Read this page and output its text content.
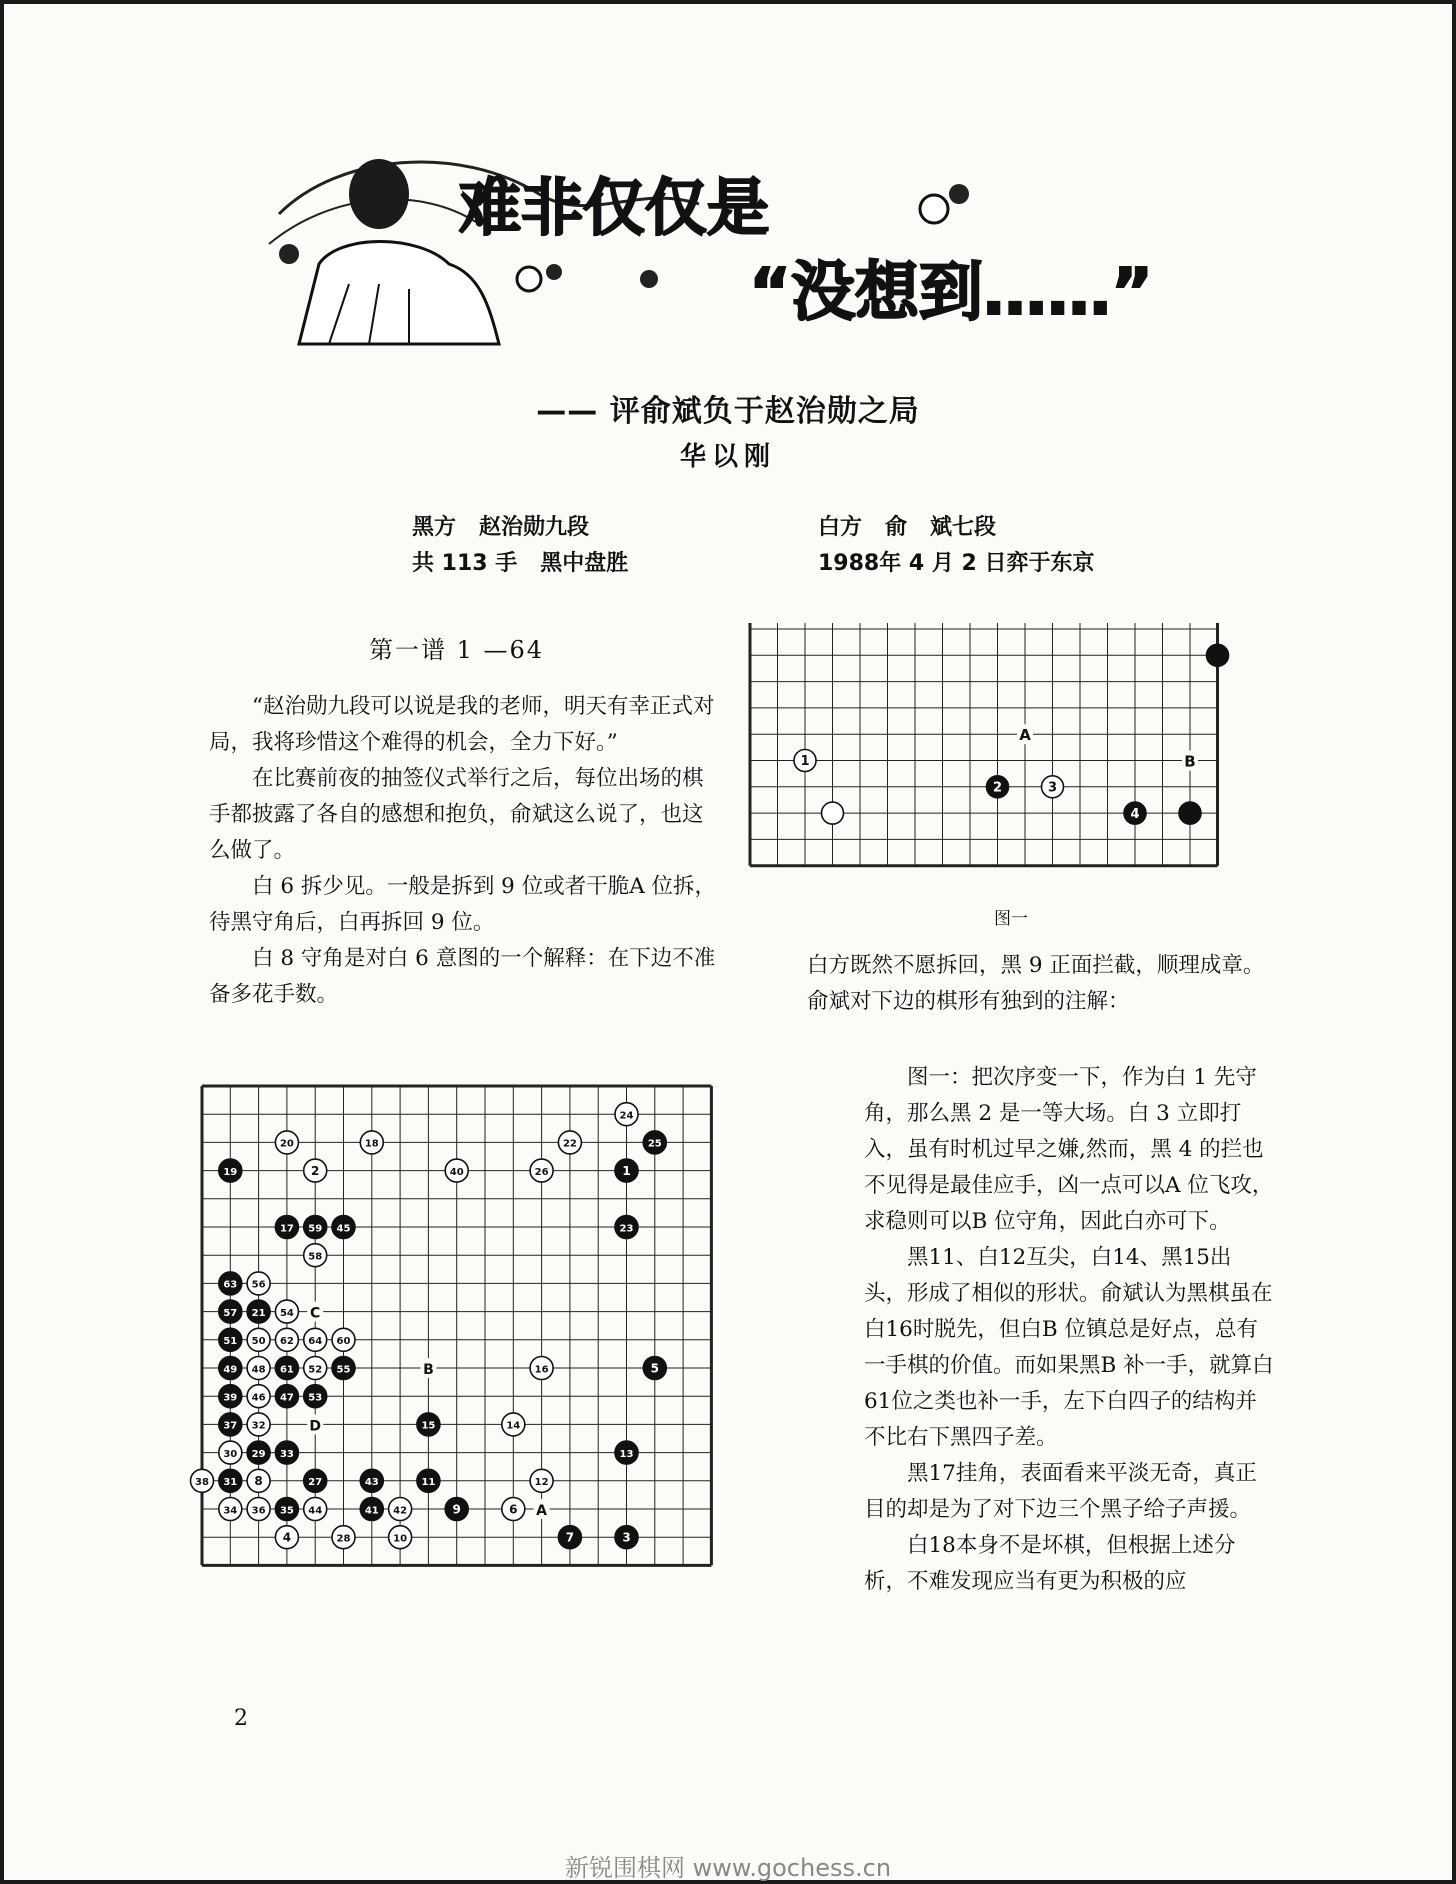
难非仅仅是
“没想到……”
—— 评俞斌负于赵治勋之局
华以刚
黑方   赵治勋九段	白方   俞   斌七段
共 113 手   黑中盘胜	1988年 4 月 2 日弈于东京
第一谱 1 —64

“赵治勋九段可以说是我的老师，明天有幸正式对局，我将珍惜这个难得的机会，全力下好。”

在比赛前夜的抽签仪式举行之后，每位出场的棋手都披露了各自的感想和抱负，俞斌这么说了，也这么做了。

白 6 拆少见。一般是拆到 9 位或者干脆A 位拆，待黑守角后，白再拆回 9 位。

白 8 守角是对白 6 意图的一个解释：在下边不准备多花手数。

A
B
1
2	3
4
图一

白方既然不愿拆回，黑 9 正面拦截，顺理成章。

俞斌对下边的棋形有独到的注解：

C
B
D
A
24
20	18	22	25
19	2	40	26	1
17 59 45	23
58
63 56
57 21 54
51 50 62 64 60
49 48 61 52 55	16	5
39 46 47 53
37 32	15	14
30 29 33	13
38 31 8	27	43	11	12
34 36 35 44	41 42	9	6
4	28	10	7	3

图一：把次序变一下，作为白 1 先守角，那么黑 2 是一等大场。白 3 立即打入，虽有时机过早之嫌,然而，黑 4 的拦也不见得是最佳应手，凶一点可以A 位飞攻，求稳则可以B 位守角，因此白亦可下。

黑11、白12互尖，白14、黑15出头，形成了相似的形状。俞斌认为黑棋虽在白16时脱先，但白B 位镇总是好点，总有一手棋的价值。而如果黑B 补一手，就算白61位之类也补一手，左下白四子的结构并不比右下黑四子差。

黑17挂角，表面看来平淡无奇，真正目的却是为了对下边三个黑子给子声援。

白18本身不是坏棋，但根据上述分析，不难发现应当有更为积极的应

2
新锐围棋网 www.gochess.cn
